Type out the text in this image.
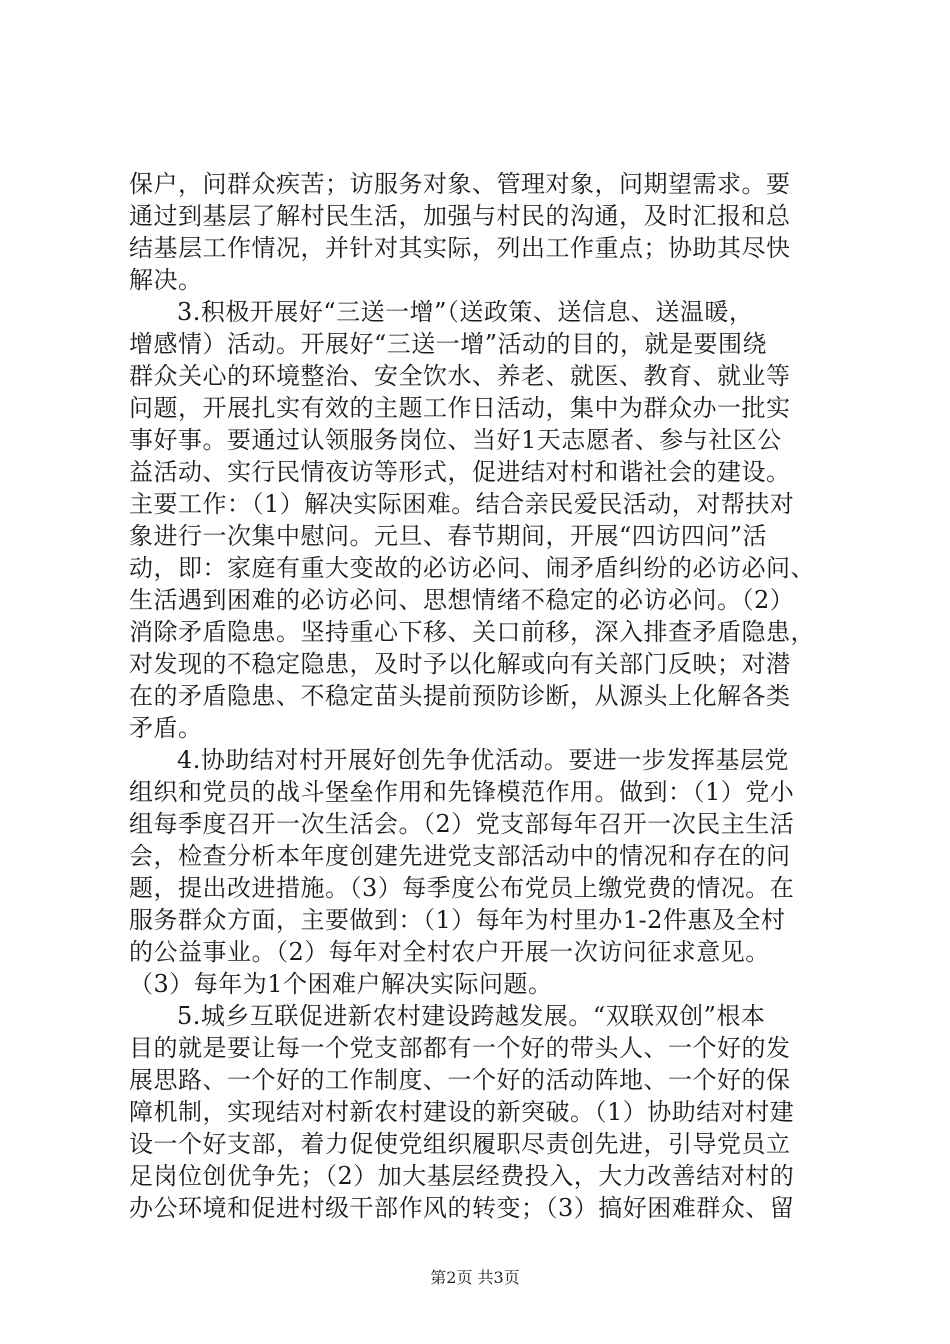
保户，问群众疾苦；访服务对象、管理对象，问期望需求。要
通过到基层了解村民生活，加强与村民的沟通，及时汇报和总
结基层工作情况，并针对其实际，列出工作重点；协助其尽快
解决。
3.积极开展好“三送一增”（送政策、送信息、送温暖，
增感情）活动。开展好“三送一增”活动的目的，就是要围绕
群众关心的环境整治、安全饮水、养老、就医、教育、就业等
问题，开展扎实有效的主题工作日活动，集中为群众办一批实
事好事。要通过认领服务岗位、当好1天志愿者、参与社区公
益活动、实行民情夜访等形式，促进结对村和谐社会的建设。
主要工作：（1）解决实际困难。结合亲民爱民活动，对帮扶对
象进行一次集中慰问。元旦、春节期间，开展“四访四问”活
动，即：家庭有重大变故的必访必问、闹矛盾纠纷的必访必问、
生活遇到困难的必访必问、思想情绪不稳定的必访必问。（2）
消除矛盾隐患。坚持重心下移、关口前移，深入排查矛盾隐患，
对发现的不稳定隐患，及时予以化解或向有关部门反映；对潜
在的矛盾隐患、不稳定苗头提前预防诊断，从源头上化解各类
矛盾。
4.协助结对村开展好创先争优活动。要进一步发挥基层党
组织和党员的战斗堡垒作用和先锋模范作用。做到：（1）党小
组每季度召开一次生活会。（2）党支部每年召开一次民主生活
会，检查分析本年度创建先进党支部活动中的情况和存在的问
题，提出改进措施。（3）每季度公布党员上缴党费的情况。在
服务群众方面，主要做到：（1）每年为村里办1-2件惠及全村
的公益事业。（2）每年对全村农户开展一次访问征求意见。
（3）每年为1个困难户解决实际问题。
5.城乡互联促进新农村建设跨越发展。“双联双创”根本
目的就是要让每一个党支部都有一个好的带头人、一个好的发
展思路、一个好的工作制度、一个好的活动阵地、一个好的保
障机制，实现结对村新农村建设的新突破。（1）协助结对村建
设一个好支部，着力促使党组织履职尽责创先进，引导党员立
足岗位创优争先；（2）加大基层经费投入，大力改善结对村的
办公环境和促进村级干部作风的转变；（3）搞好困难群众、留
第2页 共3页
